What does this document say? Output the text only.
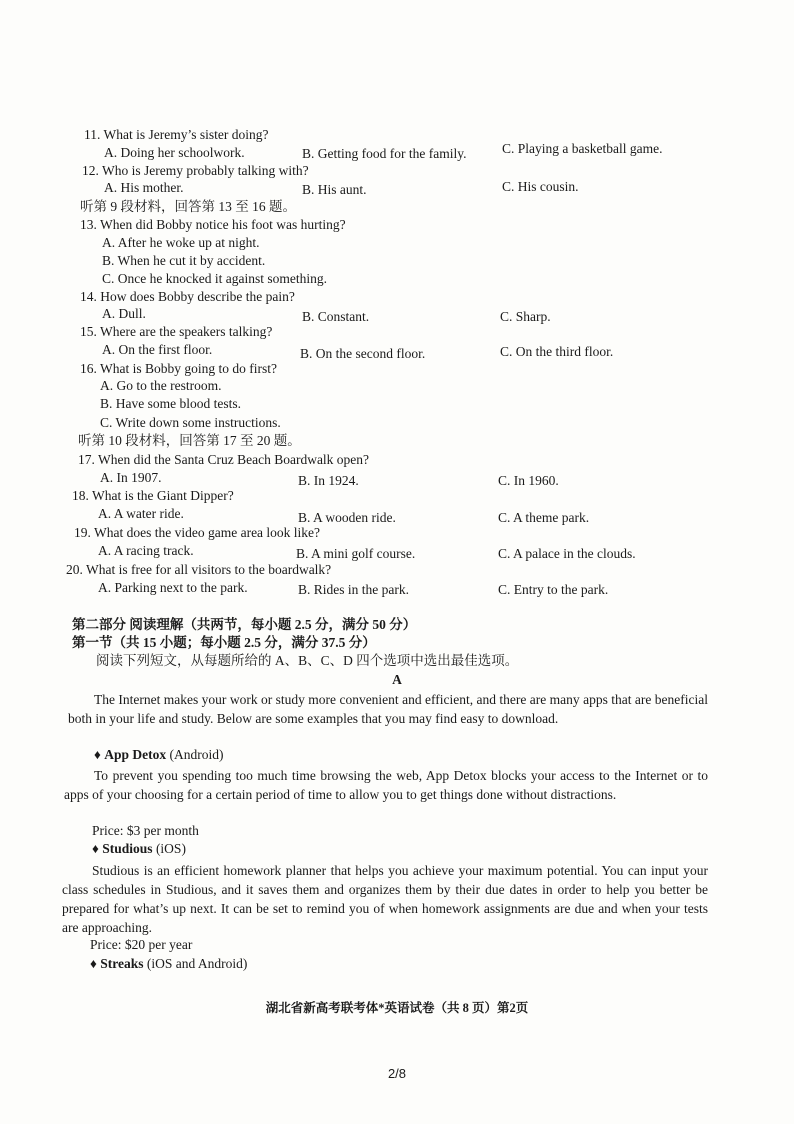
11. What is Jeremy’s sister doing?
A. Doing her schoolwork.	B. Getting food for the family.	C. Playing a basketball game.
12. Who is Jeremy probably talking with?
A. His mother.	B. His aunt.	C. His cousin.
听第 9 段材料，回答第 13 至 16 题。
13. When did Bobby notice his foot was hurting?
A. After he woke up at night.
B. When he cut it by accident.
C. Once he knocked it against something.
14. How does Bobby describe the pain?
A. Dull.	B. Constant.	C. Sharp.
15. Where are the speakers talking?
A. On the first floor.	B. On the second floor.	C. On the third floor.
16. What is Bobby going to do first?
A. Go to the restroom.
B. Have some blood tests.
C. Write down some instructions.
听第 10 段材料，回答第 17 至 20 题。
17. When did the Santa Cruz Beach Boardwalk open?
A. In 1907.	B. In 1924.	C. In 1960.
18. What is the Giant Dipper?
A. A water ride.	B. A wooden ride.	C. A theme park.
19. What does the video game area look like?
A. A racing track.	B. A mini golf course.	C. A palace in the clouds.
20. What is free for all visitors to the boardwalk?
A. Parking next to the park.	B. Rides in the park.	C. Entry to the park.
第二部分 阅读理解（共两节，每小题 2.5 分，满分 50 分）
第一节（共 15 小题；每小题 2.5 分，满分 37.5 分）
阅读下列短文，从每题所给的 A、B、C、D 四个选项中选出最佳选项。
A
The Internet makes your work or study more convenient and efficient, and there are many apps that are beneficial both in your life and study. Below are some examples that you may find easy to download.
♦ App Detox (Android)
To prevent you spending too much time browsing the web, App Detox blocks your access to the Internet or to apps of your choosing for a certain period of time to allow you to get things done without distractions.
Price: $3 per month
♦ Studious (iOS)
Studious is an efficient homework planner that helps you achieve your maximum potential. You can input your class schedules in Studious, and it saves them and organizes them by their due dates in order to help you better be prepared for what’s up next. It can be set to remind you of when homework assignments are due and when your tests are approaching.
Price: $20 per year
♦ Streaks (iOS and Android)
湖北省新高考联考体*英语试卷（共 8 页）第2页
2/8
